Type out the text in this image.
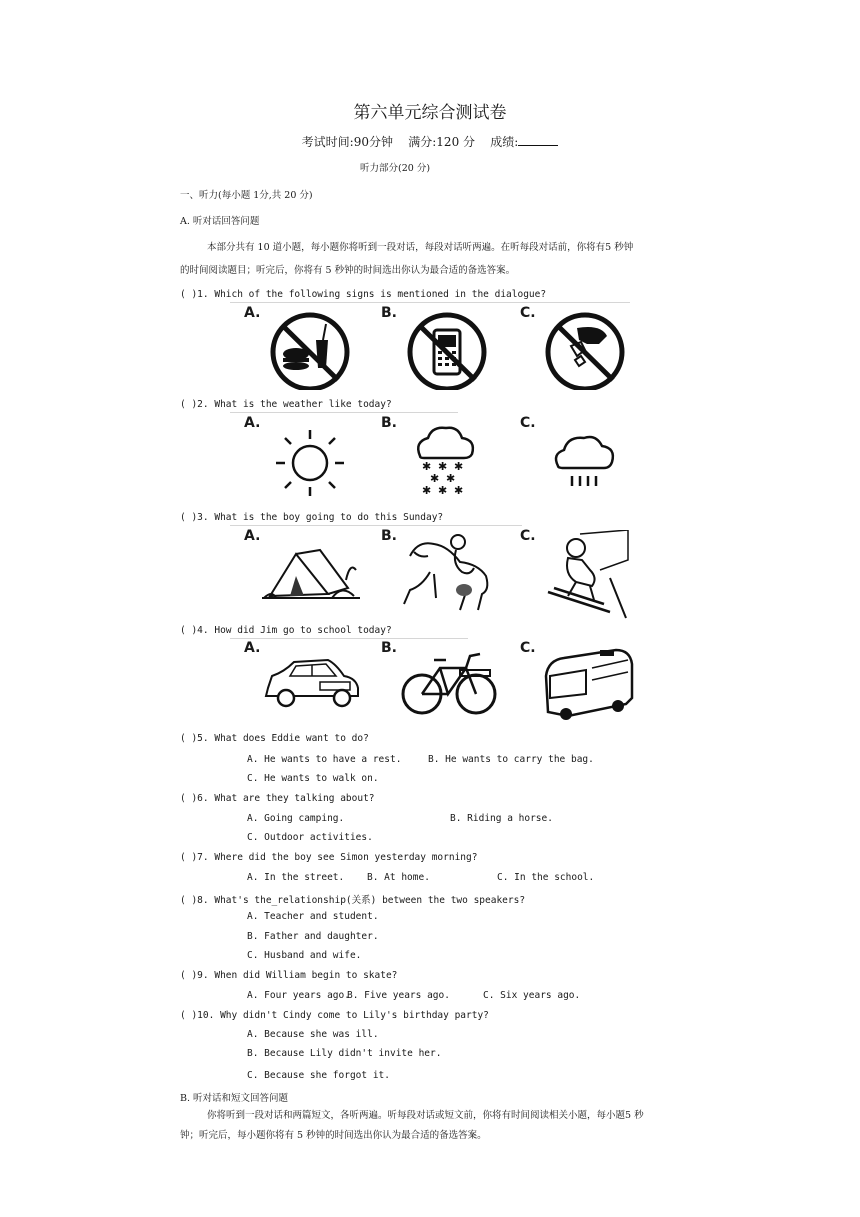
第六单元综合测试卷
考试时间:90分钟 满分:120 分 成绩:
听力部分(20 分)
一、听力(每小题 1分,共 20 分)
A. 听对话回答问题
本部分共有 10 道小题，每小题你将听到一段对话，每段对话听两遍。在听每段对话前，你将有5 秒钟
的时间阅读题目；听完后，你将有 5 秒钟的时间选出你认为最合适的备选答案。
( )1. Which of the following signs is mentioned in the dialogue?
A.	B.	C.
( )2. What is the weather like today?
A.	B.	C.
✱ ✱ ✱
✱ ✱
✱ ✱ ✱
( )3. What is the boy going to do this Sunday?
A.	B.	C.
( )4. How did Jim go to school today?
A.	B.	C.
( )5. What does Eddie want to do?
A. He wants to have a rest.	B. He wants to carry the bag.
C. He wants to walk on.
( )6. What are they talking about?
A. Going camping.	B. Riding a horse.
C. Outdoor activities.
( )7. Where did the boy see Simon yesterday morning?
A. In the street. B. At home.	C. In the school.
( )8. What's the_relationship(关系) between the two speakers?
A. Teacher and student.
B. Father and daughter.
C. Husband and wife.
( )9. When did William begin to skate?
A. Four years ago.
B. Five years ago.	C. Six years ago.
( )10. Why didn't Cindy come to Lily's birthday party?
A. Because she was ill.
B. Because Lily didn't invite her.
C. Because she forgot it.
B. 听对话和短文回答问题
你将听到一段对话和两篇短文，各听两遍。听每段对话或短文前，你将有时间阅读相关小题，每小题5 秒
钟；听完后，每小题你将有 5 秒钟的时间选出你认为最合适的备选答案。
